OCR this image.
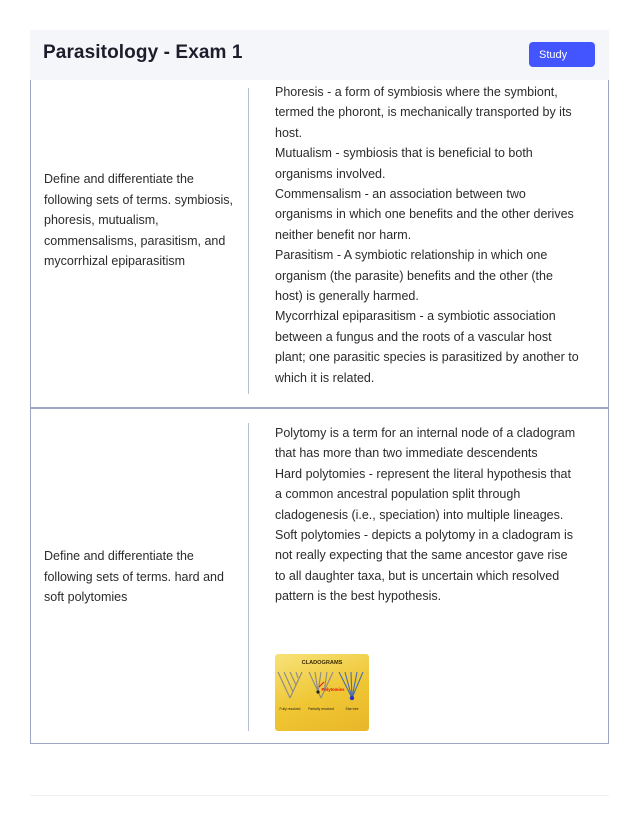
Define and differentiate the following sets of terms. symbiosis, phoresis, mutualism, commensalisms, parasitism, and mycorrhizal epiparasitism

Phoresis - a form of symbiosis where the symbiont, termed the phoront, is mechanically transported by its host.

Mutualism - symbiosis that is beneficial to both organisms involved.

Commensalism - an association between two organisms in which one benefits and the other derives neither benefit nor harm.

Parasitism - A symbiotic relationship in which one organism (the parasite) benefits and the other (the host) is generally harmed.

Mycorrhizal epiparasitism - a symbiotic association between a fungus and the roots of a vascular host plant; one parasitic species is parasitized by another to which it is related.

Define and differentiate the following sets of terms. hard and soft polytomies

Polytomy is a term for an internal node of a cladogram that has more than two immediate descendents

Hard polytomies - represent the literal hypothesis that a common ancestral population split through cladogenesis (i.e., speciation) into multiple lineages.

Soft polytomies - depicts a polytomy in a cladogram is not really expecting that the same ancestor gave rise to all daughter taxa, but is uncertain which resolved pattern is the best hypothesis.

CLADOGRAMS
Polytomies
Fully resolved Partially resolved	Star tree
Parasitology - Exam 1	Study
